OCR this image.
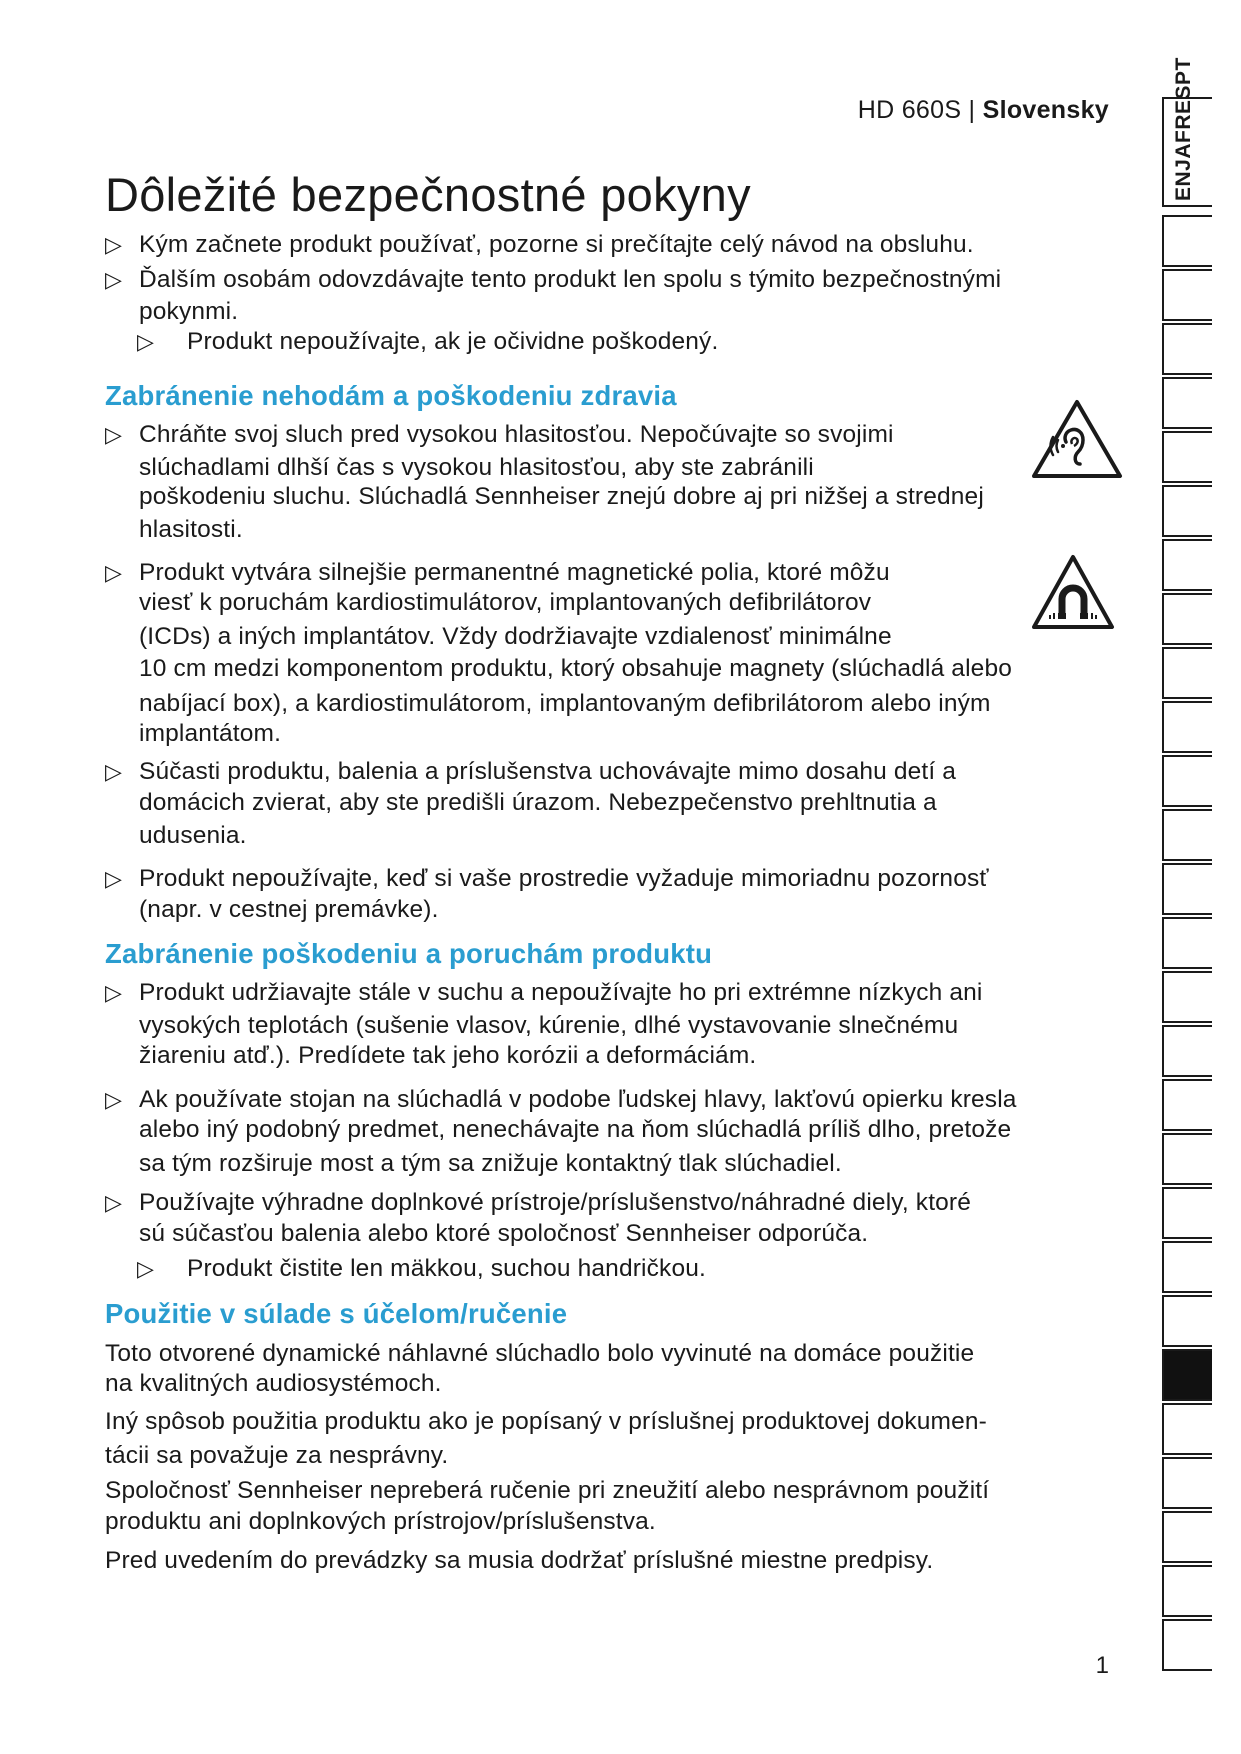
HD 660S | Slovensky
Dôležité bezpečnostné pokyny
▷ Kým začnete produkt používať, pozorne si prečítajte celý návod na obsluhu.
▷ Ďalším osobám odovzdávajte tento produkt len spolu s týmito bezpečnostnými
pokynmi.
▷ Produkt nepoužívajte, ak je očividne poškodený.
Zabránenie nehodám a poškodeniu zdravia
▷ Chráňte svoj sluch pred vysokou hlasitosťou. Nepočúvajte so svojimi
slúchadlami dlhší čas s vysokou hlasitosťou, aby ste zabránili
poškodeniu sluchu. Slúchadlá Sennheiser znejú dobre aj pri nižšej a strednej
hlasitosti.
▷ Produkt vytvára silnejšie permanentné magnetické polia, ktoré môžu
viesť k poruchám kardiostimulátorov, implantovaných defibrilátorov
(ICDs) a iných implantátov. Vždy dodržiavajte vzdialenosť minimálne
10 cm medzi komponentom produktu, ktorý obsahuje magnety (slúchadlá alebo
nabíjací box), a kardiostimulátorom, implantovaným defibrilátorom alebo iným
implantátom.
▷ Súčasti produktu, balenia a príslušenstva uchovávajte mimo dosahu detí a
domácich zvierat, aby ste predišli úrazom. Nebezpečenstvo prehltnutia a
udusenia.
▷ Produkt nepoužívajte, keď si vaše prostredie vyžaduje mimoriadnu pozornosť
(napr. v cestnej premávke).
Zabránenie poškodeniu a poruchám produktu
▷ Produkt udržiavajte stále v suchu a nepoužívajte ho pri extrémne nízkych ani
vysokých teplotách (sušenie vlasov, kúrenie, dlhé vystavovanie slnečnému
žiareniu atď.). Predídete tak jeho korózii a deformáciám.
▷ Ak používate stojan na slúchadlá v podobe ľudskej hlavy, lakťovú opierku kresla
alebo iný podobný predmet, nenechávajte na ňom slúchadlá príliš dlho, pretože
sa tým rozširuje most a tým sa znižuje kontaktný tlak slúchadiel.
▷ Používajte výhradne doplnkové prístroje/príslušenstvo/náhradné diely, ktoré
sú súčasťou balenia alebo ktoré spoločnosť Sennheiser odporúča.
▷ Produkt čistite len mäkkou, suchou handričkou.
Použitie v súlade s účelom/ručenie
Toto otvorené dynamické náhlavné slúchadlo bolo vyvinuté na domáce použitie
na kvalitných audiosystémoch.
Iný spôsob použitia produktu ako je popísaný v príslušnej produktovej dokumen-
tácii sa považuje za nesprávny.
Spoločnosť Sennheiser nepreberá ručenie pri zneužití alebo nesprávnom použití
produktu ani doplnkových prístrojov/príslušenstva.
Pred uvedením do prevádzky sa musia dodržať príslušné miestne predpisy.
ENJAFRESPT
1
